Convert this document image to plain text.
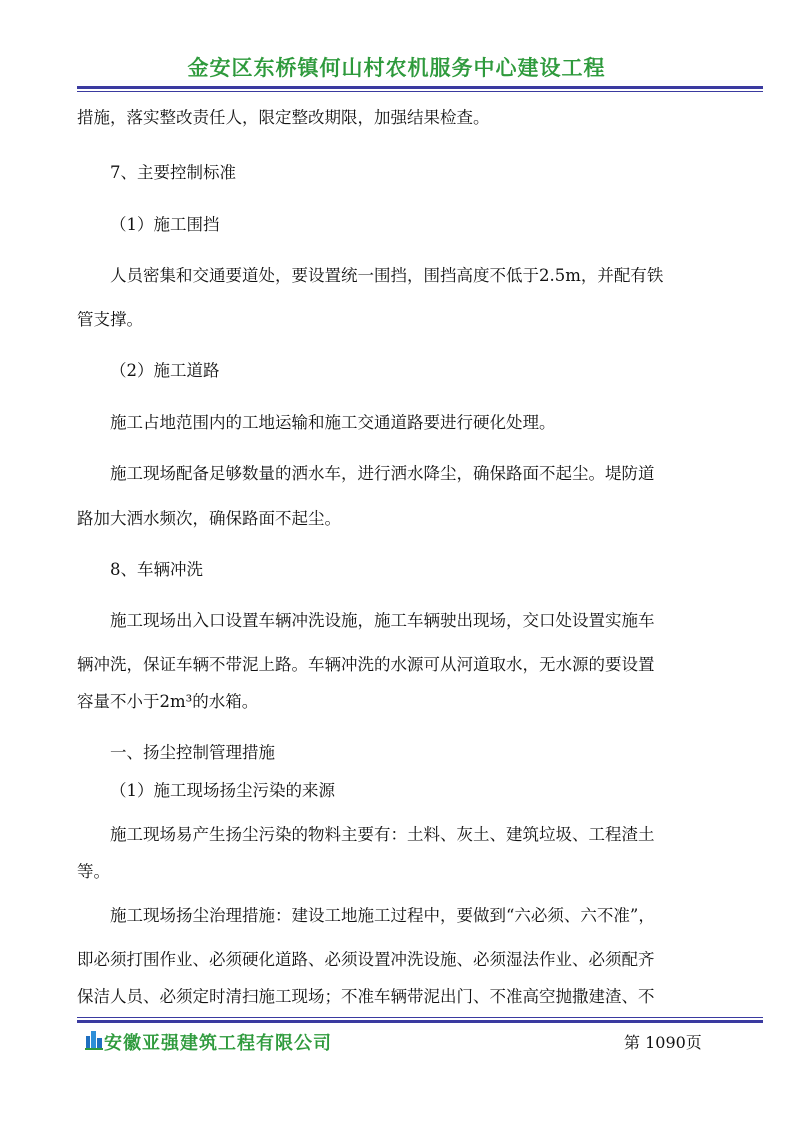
金安区东桥镇何山村农机服务中心建设工程
措施，落实整改责任人，限定整改期限，加强结果检查。
7、主要控制标准
（1）施工围挡
人员密集和交通要道处，要设置统一围挡，围挡高度不低于2.5m，并配有铁
管支撑。
（2）施工道路
施工占地范围内的工地运输和施工交通道路要进行硬化处理。
施工现场配备足够数量的洒水车，进行洒水降尘，确保路面不起尘。堤防道
路加大洒水频次，确保路面不起尘。
8、车辆冲洗
施工现场出入口设置车辆冲洗设施，施工车辆驶出现场，交口处设置实施车
辆冲洗，保证车辆不带泥上路。车辆冲洗的水源可从河道取水，无水源的要设置
容量不小于2m³的水箱。
一、扬尘控制管理措施
（1）施工现场扬尘污染的来源
施工现场易产生扬尘污染的物料主要有：土料、灰土、建筑垃圾、工程渣土
等。
施工现场扬尘治理措施：建设工地施工过程中，要做到“六必须、六不准”，
即必须打围作业、必须硬化道路、必须设置冲洗设施、必须湿法作业、必须配齐
保洁人员、必须定时清扫施工现场；不准车辆带泥出门、不准高空抛撒建渣、不
安徽亚强建筑工程有限公司	第 1090页
